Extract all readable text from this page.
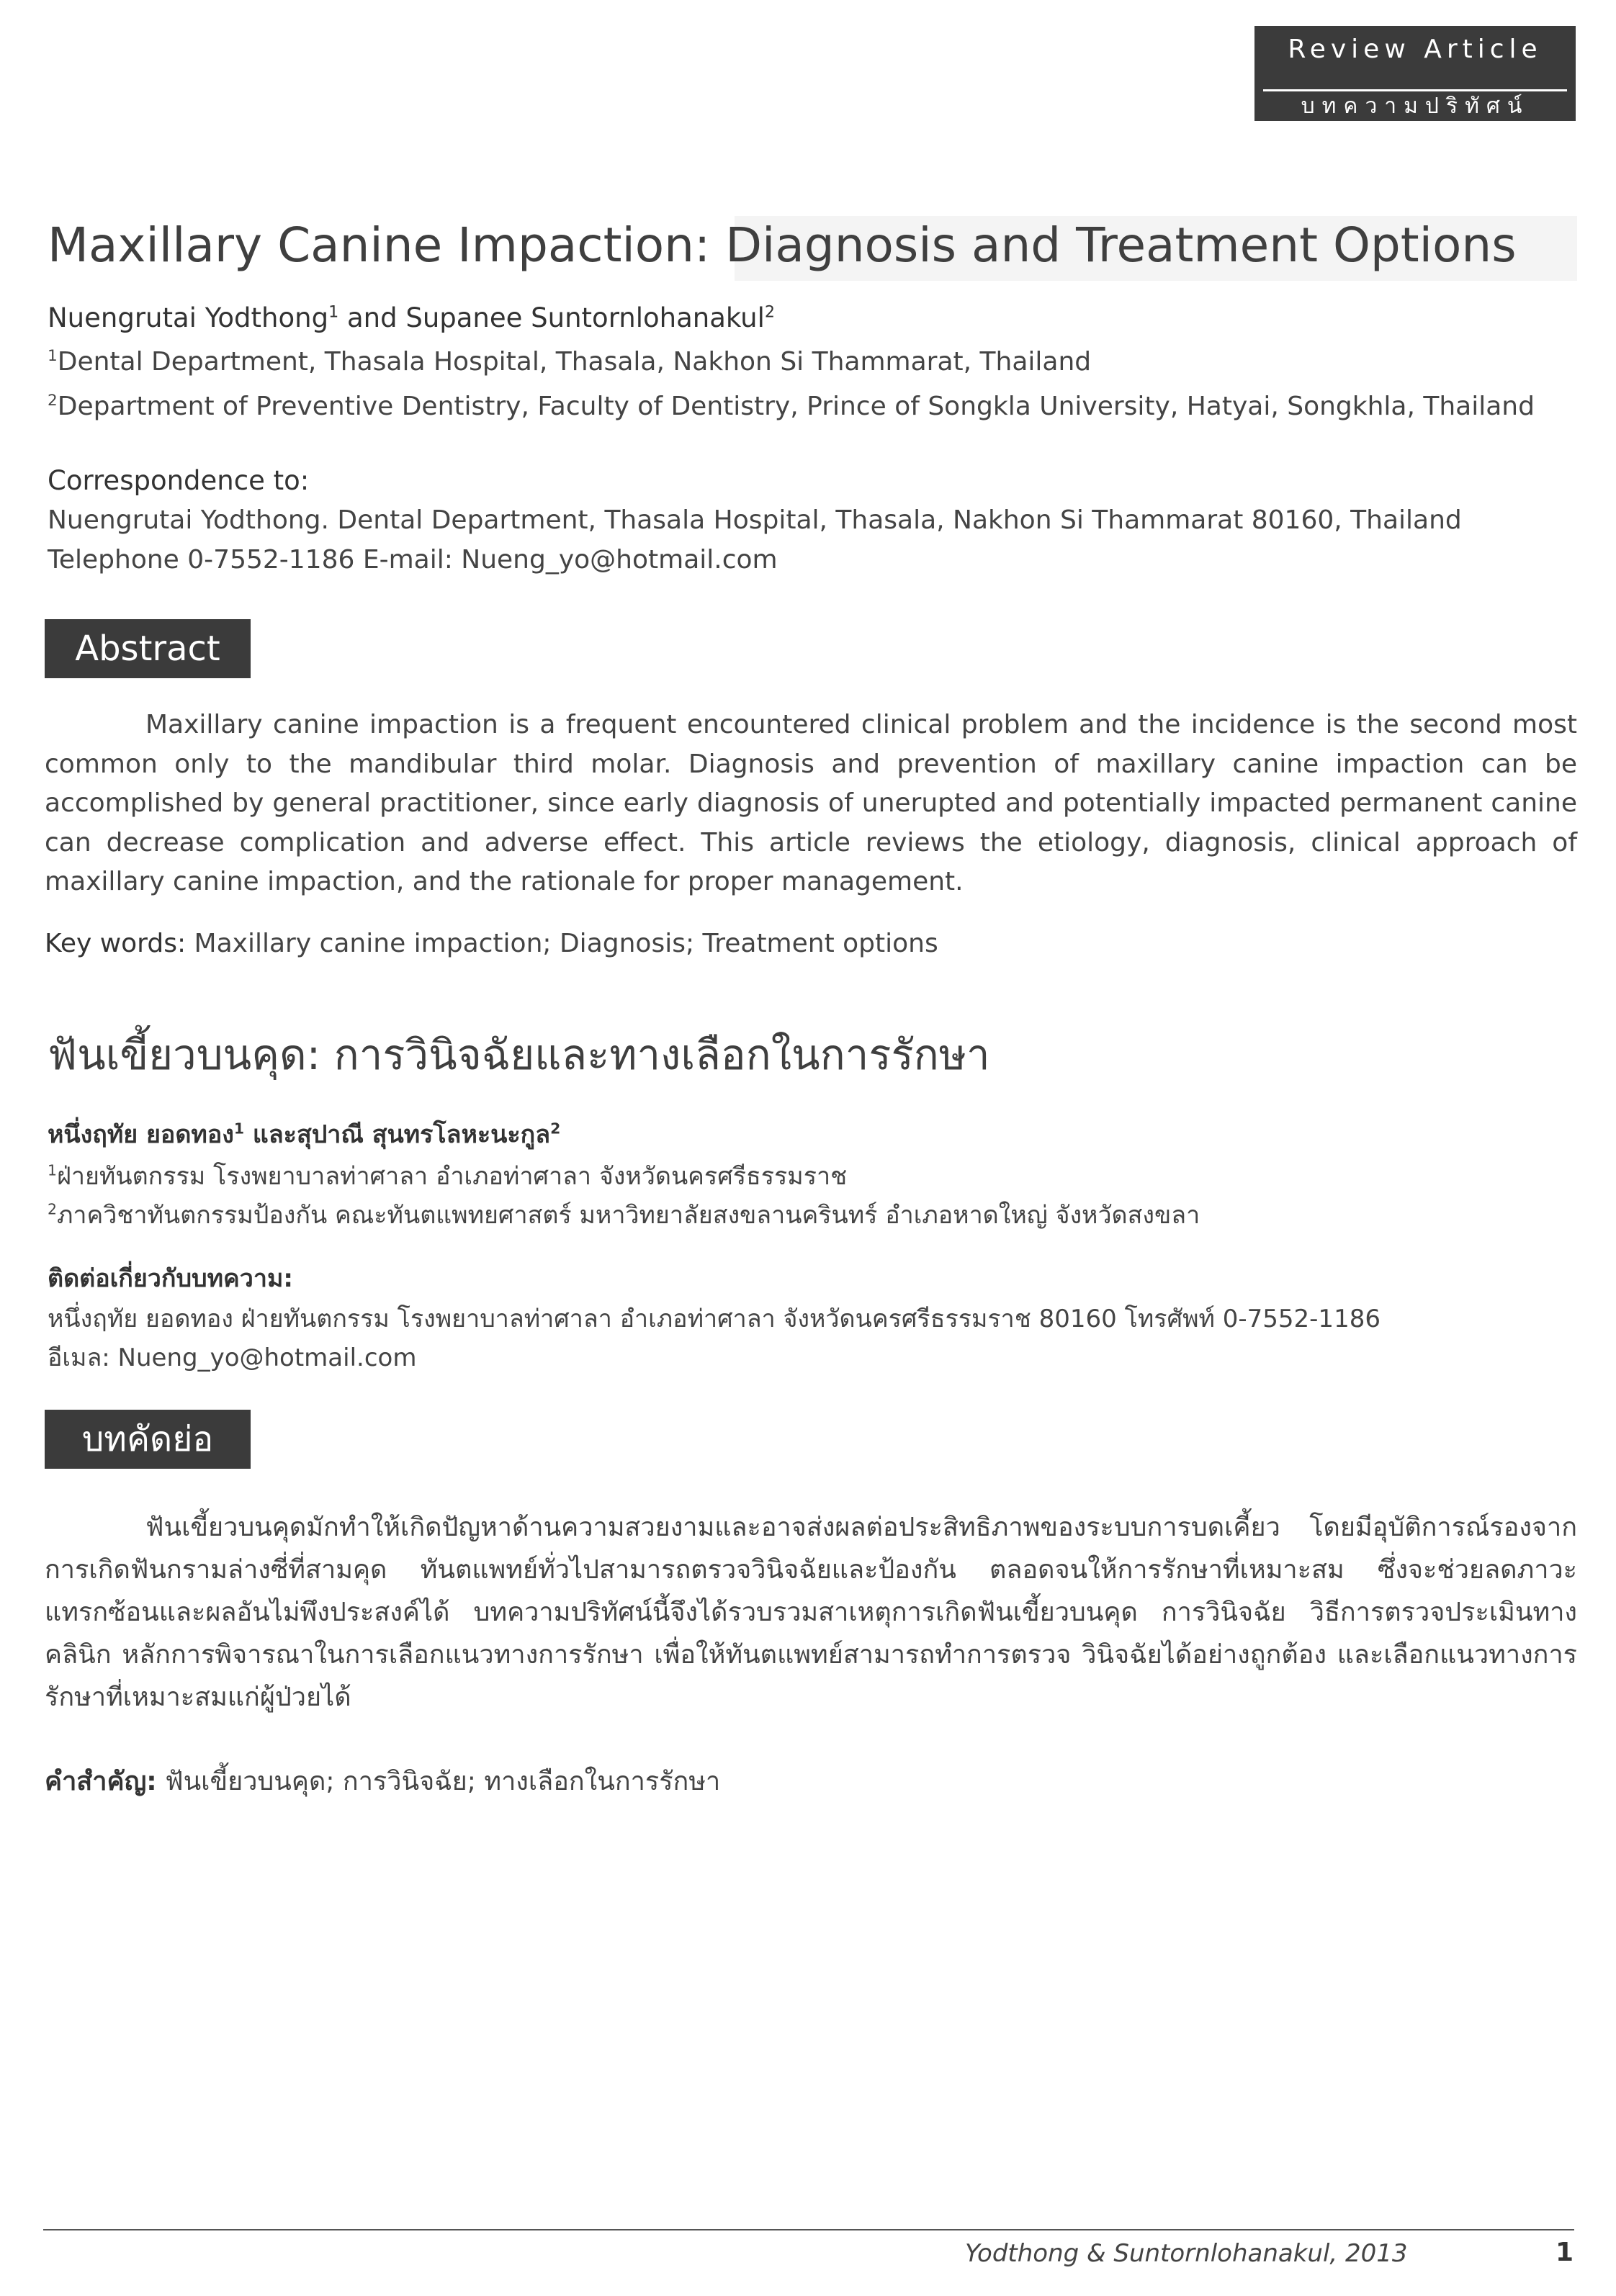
Review Article
บทความปริทัศน์
Maxillary Canine Impaction: Diagnosis and Treatment Options
Nuengrutai Yodthong$^1$ and Supanee Suntornlohanakul$^2$
$^1$Dental Department, Thasala Hospital, Thasala, Nakhon Si Thammarat, Thailand
$^2$Department of Preventive Dentistry, Faculty of Dentistry, Prince of Songkla University, Hatyai, Songkhla, Thailand
Correspondence to:
Nuengrutai Yodthong. Dental Department, Thasala Hospital, Thasala, Nakhon Si Thammarat 80160, Thailand
Telephone 0-7552-1186 E-mail: Nueng_yo@hotmail.com
Abstract

Maxillary canine impaction is a frequent encountered clinical problem and the incidence is the second most common only to the mandibular third molar. Diagnosis and prevention of maxillary canine impaction can be accomplished by general practitioner, since early diagnosis of unerupted and potentially impacted permanent canine can decrease complication and adverse effect. This article reviews the etiology, diagnosis, clinical approach of maxillary canine impaction, and the rationale for proper management.

Key words: Maxillary canine impaction; Diagnosis; Treatment options
ฟันเขี้ยวบนคุด: การวินิจฉัยและทางเลือกในการรักษา
หนึ่งฤทัย ยอดทอง$^1$ และสุปาณี สุนทรโลหะนะกูล$^2$
$^1$ฝ่ายทันตกรรม โรงพยาบาลท่าศาลา อำเภอท่าศาลา จังหวัดนครศรีธรรมราช
$^2$ภาควิชาทันตกรรมป้องกัน คณะทันตแพทยศาสตร์ มหาวิทยาลัยสงขลานครินทร์ อำเภอหาดใหญ่ จังหวัดสงขลา
ติดต่อเกี่ยวกับบทความ:
หนึ่งฤทัย ยอดทอง ฝ่ายทันตกรรม โรงพยาบาลท่าศาลา อำเภอท่าศาลา จังหวัดนครศรีธรรมราช 80160 โทรศัพท์ 0-7552-1186
อีเมล: Nueng_yo@hotmail.com
บทคัดย่อ

ฟันเขี้ยวบนคุดมักทำให้เกิดปัญหาด้านความสวยงามและอาจส่งผลต่อประสิทธิภาพของระบบการบดเคี้ยว โดยมีอุบัติการณ์รองจากการเกิดฟันกรามล่างซี่ที่สามคุด ทันตแพทย์ทั่วไปสามารถตรวจวินิจฉัยและป้องกัน ตลอดจนให้การรักษาที่เหมาะสม ซึ่งจะช่วยลดภาวะแทรกซ้อนและผลอันไม่พึงประสงค์ได้ บทความปริทัศน์นี้จึงได้รวบรวมสาเหตุการเกิดฟันเขี้ยวบนคุด การวินิจฉัย วิธีการตรวจประเมินทางคลินิก หลักการพิจารณาในการเลือกแนวทางการรักษา เพื่อให้ทันตแพทย์สามารถทำการตรวจ วินิจฉัยได้อย่างถูกต้อง และเลือกแนวทางการรักษาที่เหมาะสมแก่ผู้ป่วยได้

คำสำคัญ: ฟันเขี้ยวบนคุด; การวินิจฉัย; ทางเลือกในการรักษา
Yodthong & Suntornlohanakul, 2013	1
